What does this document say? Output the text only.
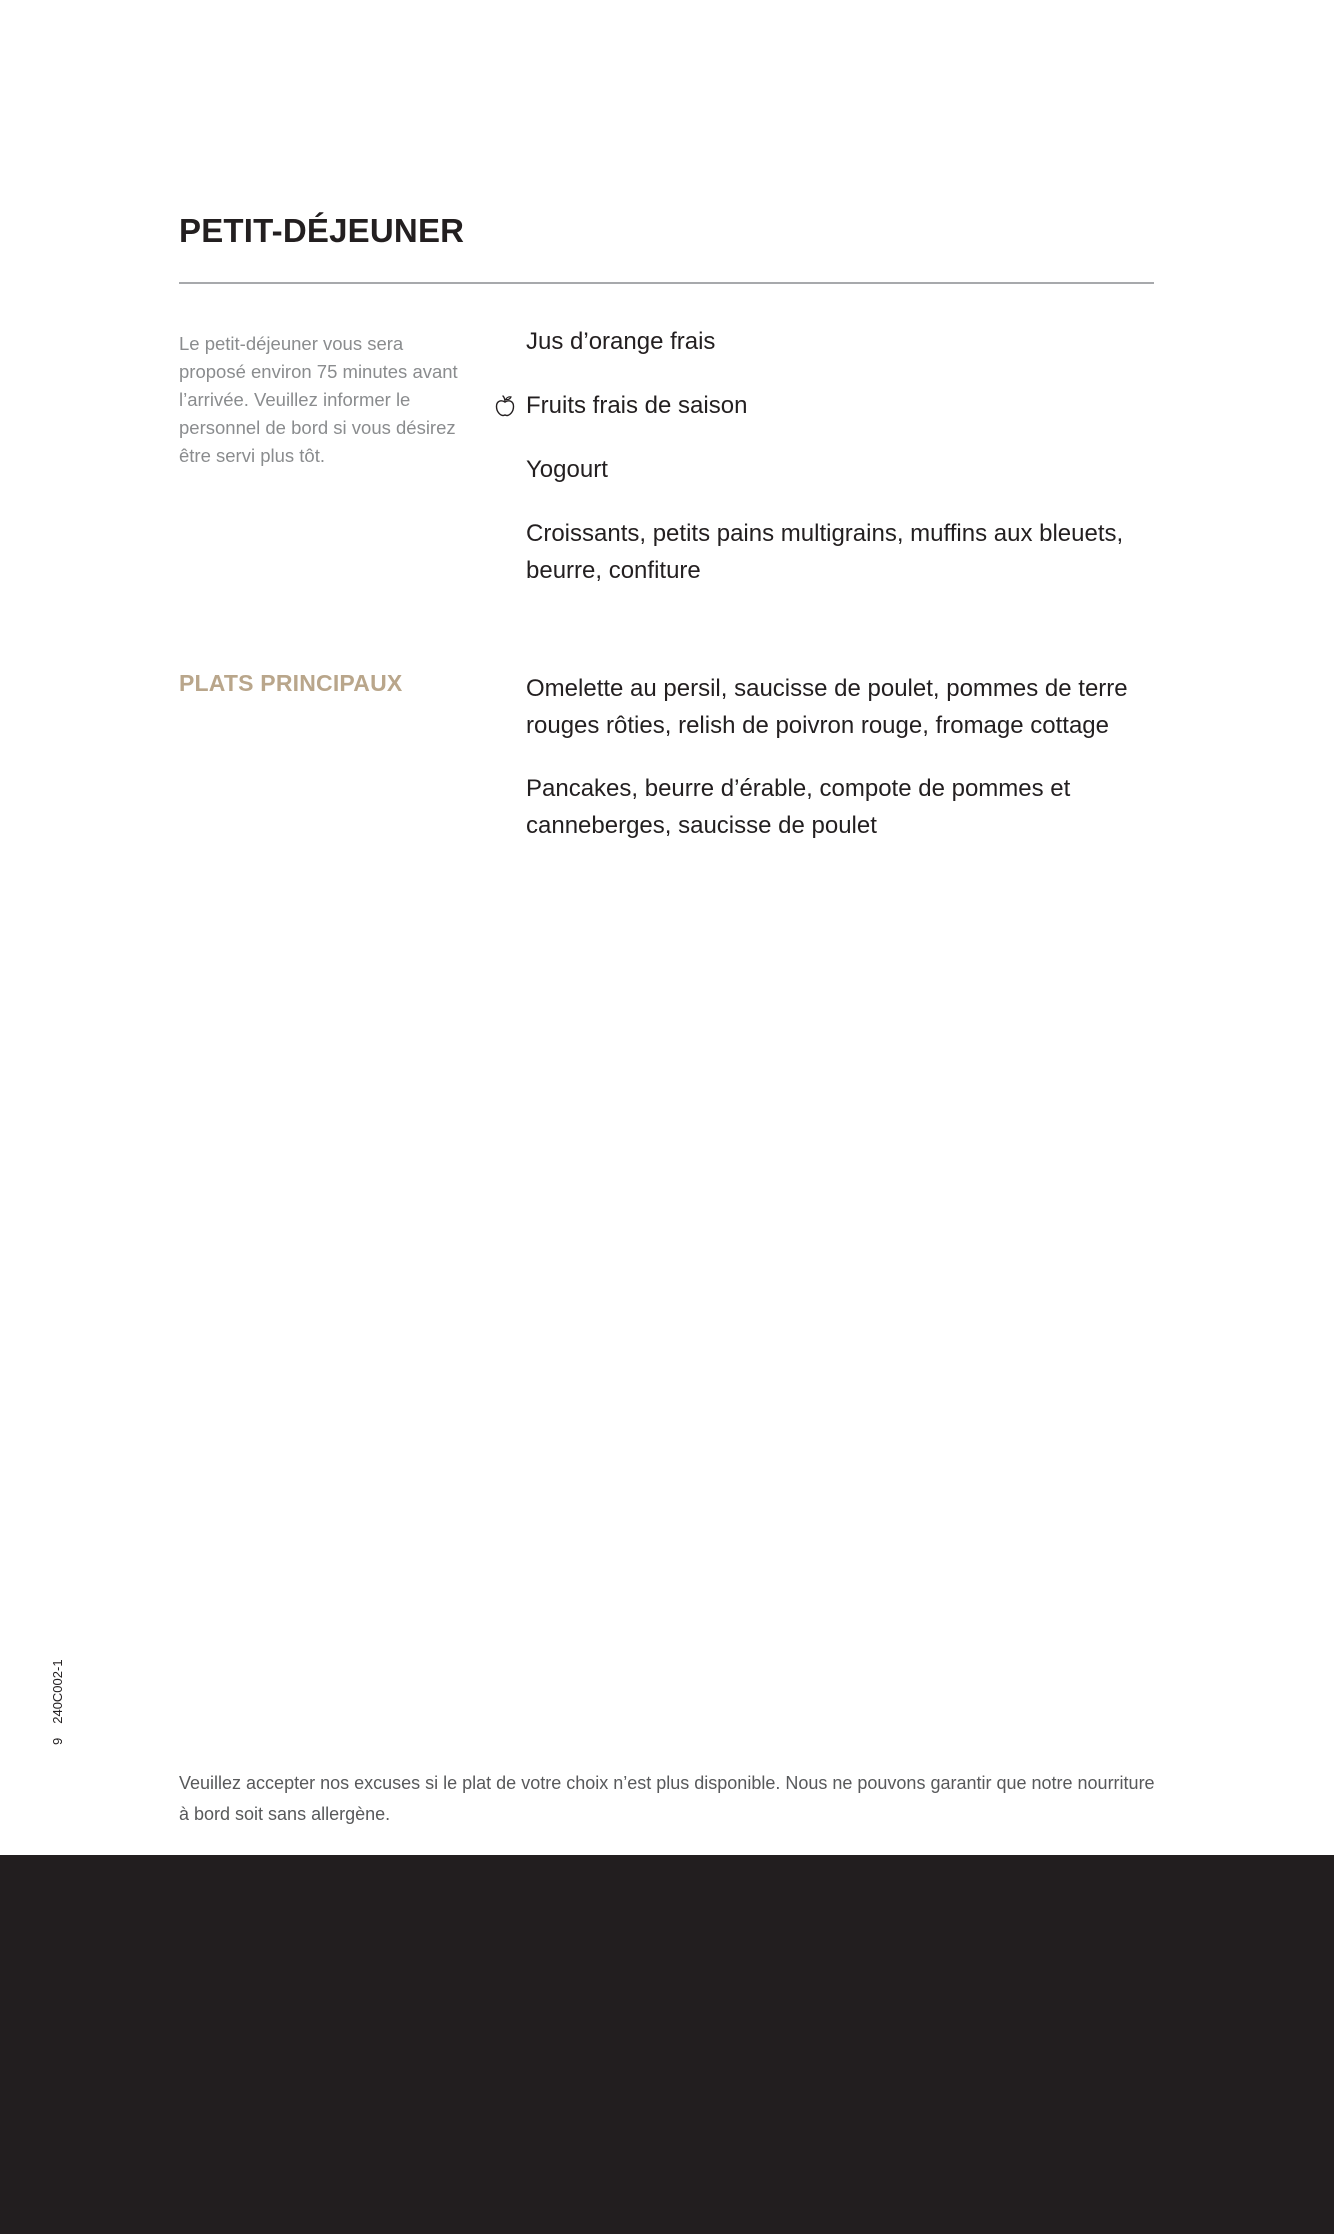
PETIT-DÉJEUNER

Le petit-déjeuner vous sera proposé environ 75 minutes avant l’arrivée. Veuillez informer le personnel de bord si vous désirez être servi plus tôt.

Jus d’orange frais

Fruits frais de saison

Yogourt

Croissants, petits pains multigrains, muffins aux bleuets, beurre, confiture

PLATS PRINCIPAUX	Omelette au persil, saucisse de poulet, pommes de terre rouges rôties, relish de poivron rouge, fromage cottage

Pancakes, beurre d’érable, compote de pommes et canneberges, saucisse de poulet

9240C002-1

Veuillez accepter nos excuses si le plat de votre choix n’est plus disponible. Nous ne pouvons garantir que notre nourriture à bord soit sans allergène.
